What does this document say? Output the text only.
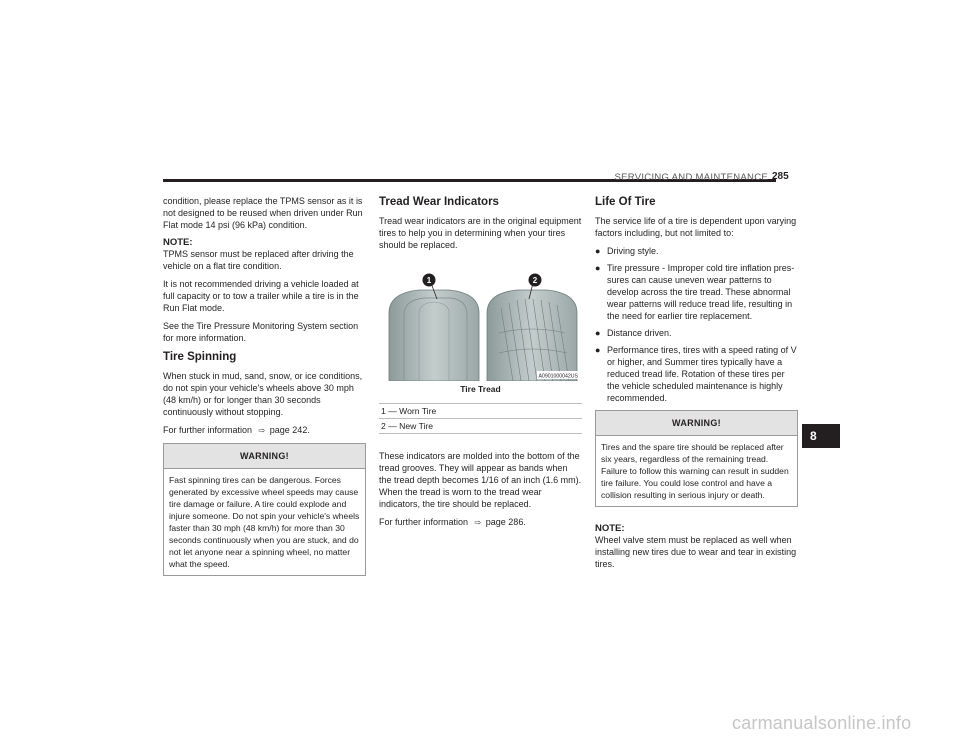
SERVICING AND MAINTENANCE 285

condition, please replace the TPMS sensor as it is not designed to be reused when driven under Run Flat mode 14 psi (96 kPa) condition.

NOTE:

TPMS sensor must be replaced after driving the vehicle on a flat tire condition.

It is not recommended driving a vehicle loaded at full capacity or to tow a trailer while a tire is in the Run Flat mode.

See the Tire Pressure Monitoring System section for more information.

Tire Spinning

When stuck in mud, sand, snow, or ice conditions, do not spin your vehicle's wheels above 30 mph (48 km/h) or for longer than 30 seconds continuously without stopping.

For further information ⇨ page 242.

WARNING!
Fast spinning tires can be dangerous. Forces generated by excessive wheel speeds may cause tire damage or failure. A tire could explode and injure someone. Do not spin your vehicle's wheels faster than 30 mph (48 km/h) for more than 30 seconds continuously when you are stuck, and do not let anyone near a spinning wheel, no matter what the speed.
Tread Wear Indicators

Tread wear indicators are in the original equipment tires to help you in determining when your tires should be replaced.

1	2
A0901000042US
Tire Tread
1 — Worn Tire
2 — New Tire

These indicators are molded into the bottom of the tread grooves. They will appear as bands when the tread depth becomes 1/16 of an inch (1.6 mm). When the tread is worn to the tread wear indicators, the tire should be replaced.

For further information ⇨ page 286.

Life Of Tire

The service life of a tire is dependent upon varying factors including, but not limited to:

● Driving style.
● Tire pressure - Improper cold tire inflation pres-sures can cause uneven wear patterns to develop across the tire tread. These abnormal wear patterns will reduce tread life, resulting in the need for earlier tire replacement.
● Distance driven.
● Performance tires, tires with a speed rating of V or higher, and Summer tires typically have a reduced tread life. Rotation of these tires per the vehicle scheduled maintenance is highly recommended.
WARNING!
Tires and the spare tire should be replaced after six years, regardless of the remaining tread. Failure to follow this warning can result in sudden tire failure. You could lose control and have a collision resulting in serious injury or death.
NOTE:

Wheel valve stem must be replaced as well when installing new tires due to wear and tear in existing tires.

8
carmanualsonline.info
